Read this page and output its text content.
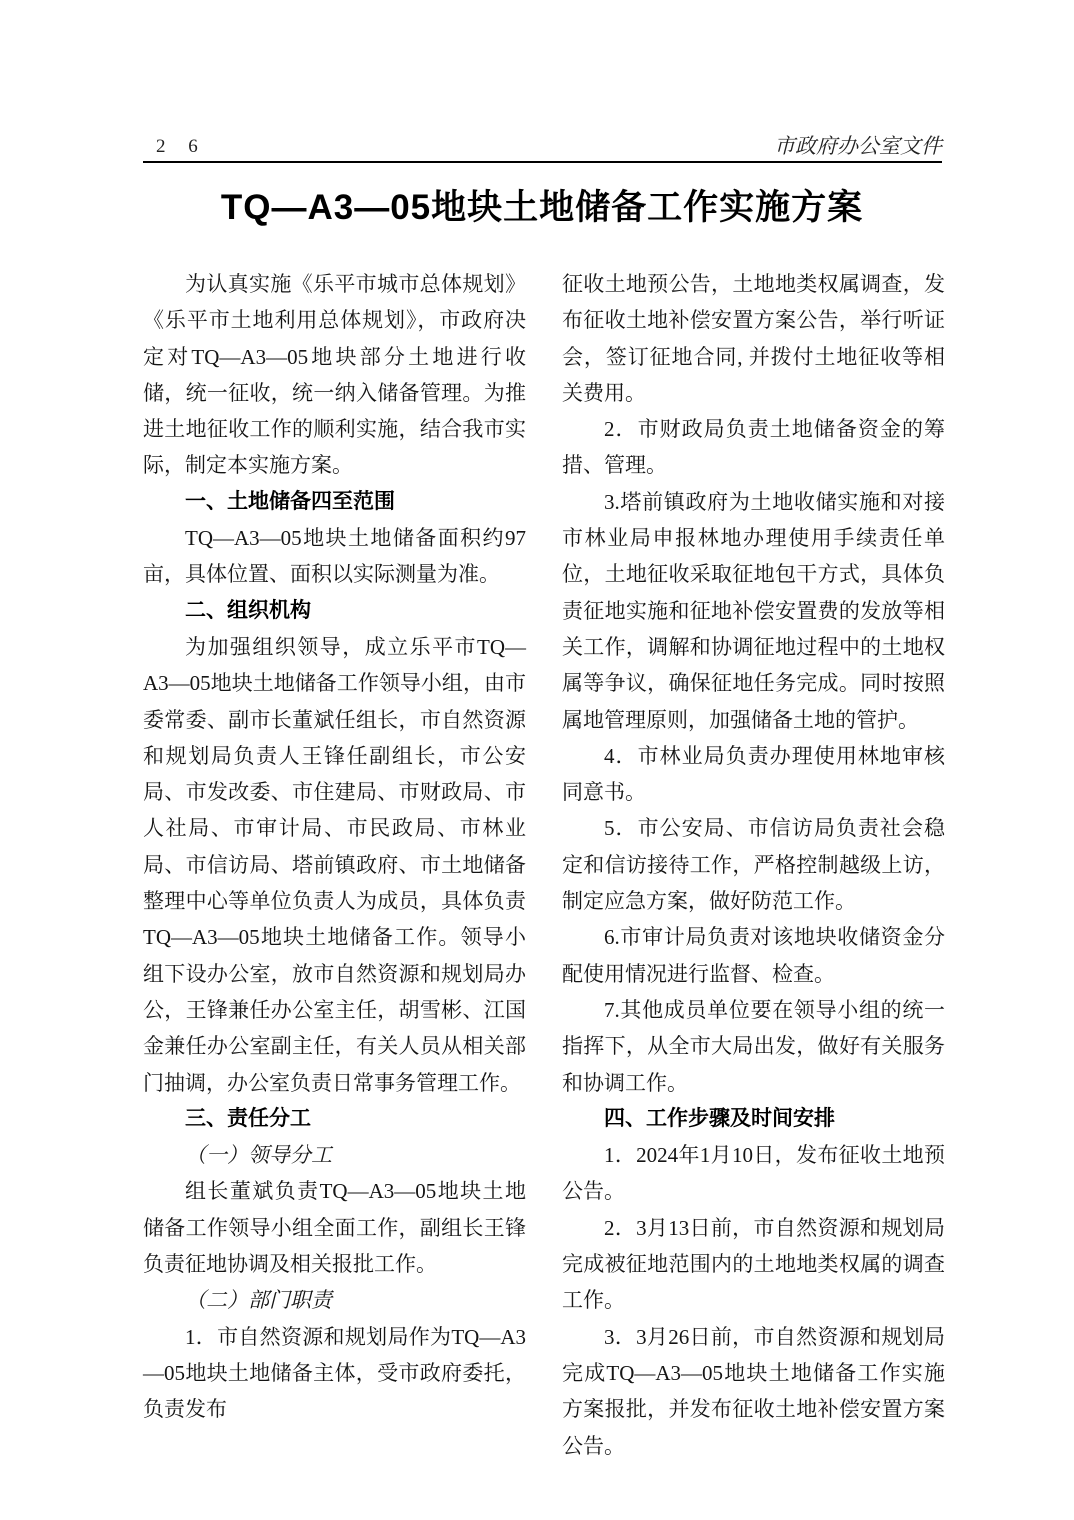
2 6	市政府办公室文件
TQ—A3—05地块土地储备工作实施方案

为认真实施《乐平市城市总体规划》《乐平市土地利用总体规划》，市政府决定对TQ—A3—05地块部分土地进行收储，统一征收，统一纳入储备管理。为推进土地征收工作的顺利实施，结合我市实际，制定本实施方案。

一、土地储备四至范围

TQ—A3—05地块土地储备面积约97亩，具体位置、面积以实际测量为准。

二、组织机构

为加强组织领导，成立乐平市TQ—A3—05地块土地储备工作领导小组，由市委常委、副市长董斌任组长，市自然资源和规划局负责人王锋任副组长，市公安局、市发改委、市住建局、市财政局、市人社局、市审计局、市民政局、市林业局、市信访局、塔前镇政府、市土地储备整理中心等单位负责人为成员，具体负责TQ—A3—05地块土地储备工作。领导小组下设办公室，放市自然资源和规划局办公，王锋兼任办公室主任，胡雪彬、江国金兼任办公室副主任，有关人员从相关部门抽调，办公室负责日常事务管理工作。

三、责任分工

（一）领导分工

组长董斌负责TQ—A3—05地块土地储备工作领导小组全面工作，副组长王锋负责征地协调及相关报批工作。

（二）部门职责

1．市自然资源和规划局作为TQ—A3—05地块土地储备主体，受市政府委托，负责发布

征收土地预公告，土地地类权属调查，发布征收土地补偿安置方案公告，举行听证会，签订征地合同, 并拨付土地征收等相关费用。

2．市财政局负责土地储备资金的筹措、管理。

3.塔前镇政府为土地收储实施和对接市林业局申报林地办理使用手续责任单位，土地征收采取征地包干方式，具体负责征地实施和征地补偿安置费的发放等相关工作，调解和协调征地过程中的土地权属等争议，确保征地任务完成。同时按照属地管理原则，加强储备土地的管护。

4．市林业局负责办理使用林地审核同意书。

5．市公安局、市信访局负责社会稳定和信访接待工作，严格控制越级上访，制定应急方案，做好防范工作。

6.市审计局负责对该地块收储资金分配使用情况进行监督、检查。

7.其他成员单位要在领导小组的统一指挥下，从全市大局出发，做好有关服务和协调工作。

四、工作步骤及时间安排

1．2024年1月10日，发布征收土地预公告。

2．3月13日前，市自然资源和规划局完成被征地范围内的土地地类权属的调查工作。

3．3月26日前，市自然资源和规划局完成TQ—A3—05地块土地储备工作实施方案报批，并发布征收土地补偿安置方案公告。
